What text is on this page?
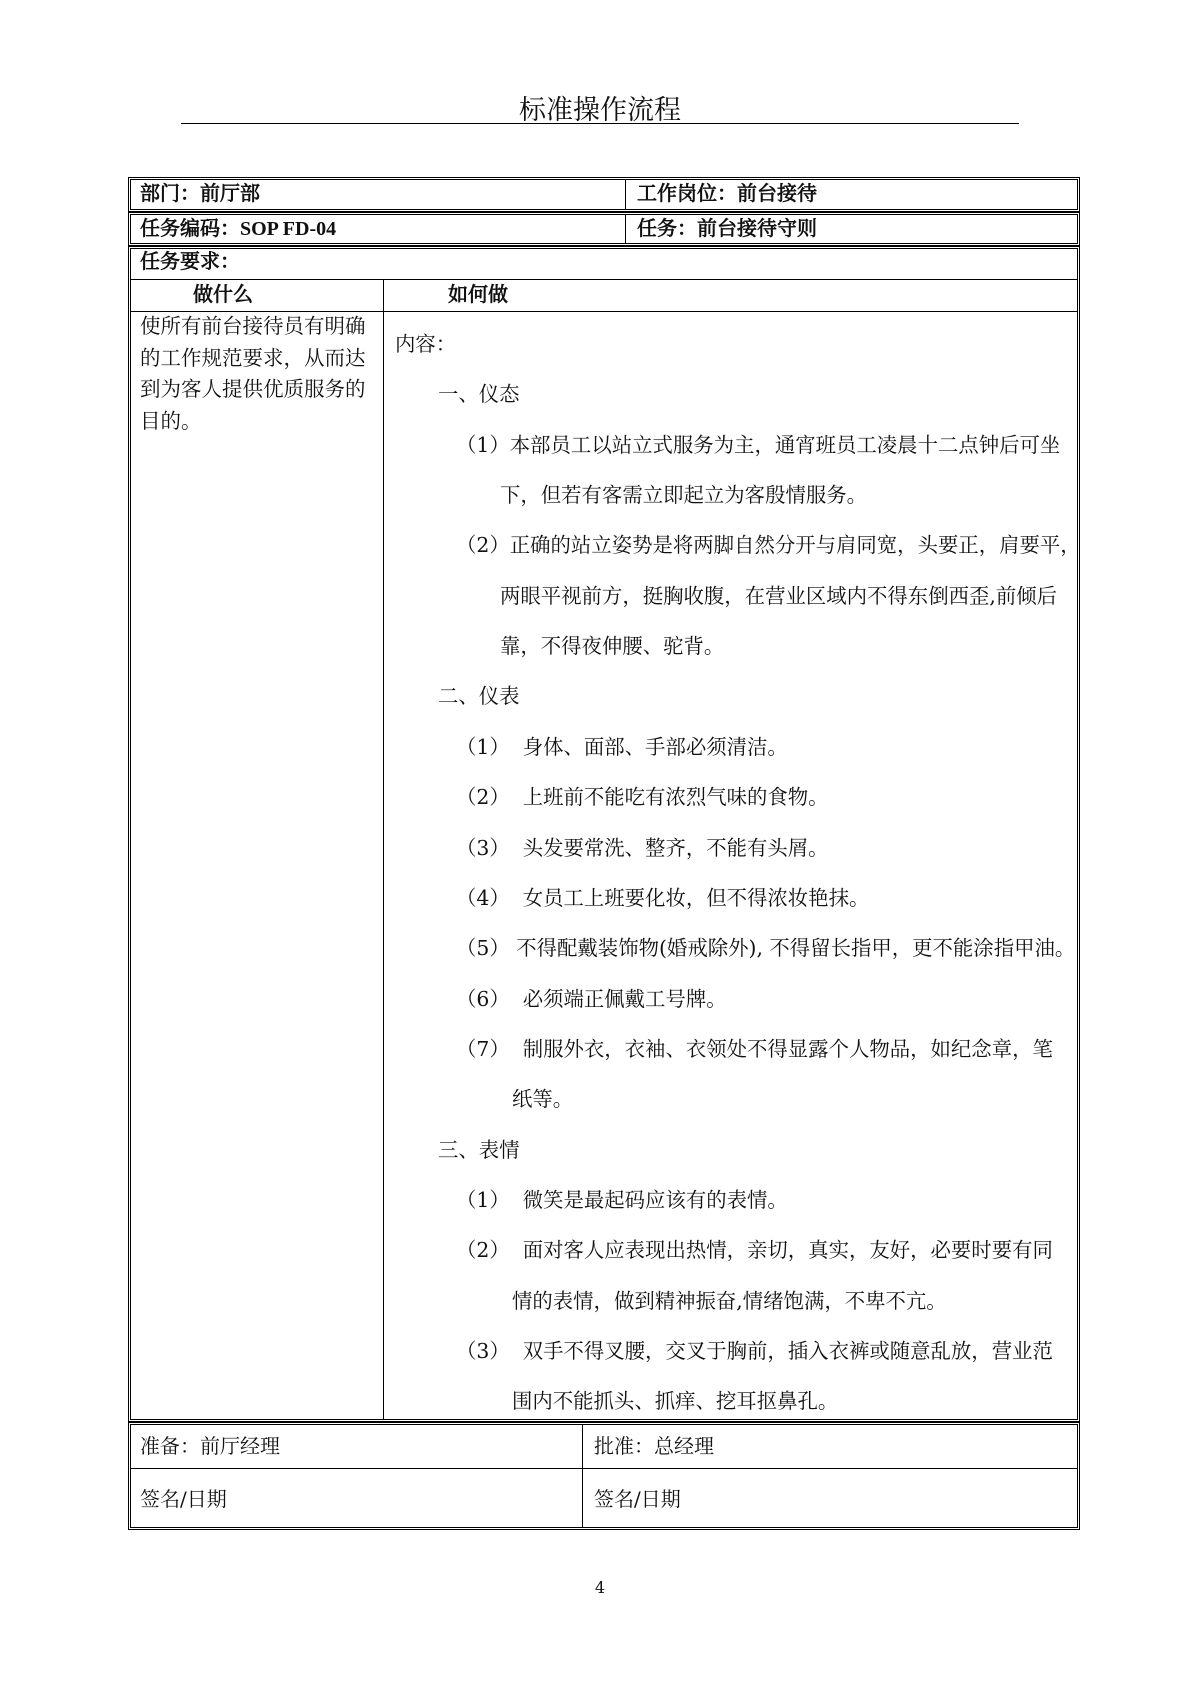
标准操作流程
部门：前厅部	工作岗位：前台接待
任务编码：SOP FD-04	任务：前台接待守则
任务要求：
做什么	如何做
使所有前台接待员有明确
的工作规范要求，从而达
到为客人提供优质服务的
目的。
内容：
一、仪态
（1）本部员工以站立式服务为主，通宵班员工凌晨十二点钟后可坐
下，但若有客需立即起立为客殷情服务。
（2）正确的站立姿势是将两脚自然分开与肩同宽，头要正，肩要平，
两眼平视前方，挺胸收腹，在营业区域内不得东倒西歪,前倾后
靠，不得夜伸腰、驼背。
二、仪表
（1）  身体、面部、手部必须清洁。
（2）  上班前不能吃有浓烈气味的食物。
（3）  头发要常洗、整齐，不能有头屑。
（4）  女员工上班要化妆，但不得浓妆艳抹。
（5） 不得配戴装饰物(婚戒除外), 不得留长指甲，更不能涂指甲油。
（6）  必须端正佩戴工号牌。
（7）  制服外衣，衣袖、衣领处不得显露个人物品，如纪念章，笔
纸等。
三、表情
（1）  微笑是最起码应该有的表情。
（2）  面对客人应表现出热情，亲切，真实，友好，必要时要有同
情的表情，做到精神振奋,情绪饱满，不卑不亢。
（3）  双手不得叉腰，交叉于胸前，插入衣裤或随意乱放，营业范
围内不能抓头、抓痒、挖耳抠鼻孔。
准备：前厅经理	批准：总经理
签名/日期	签名/日期
4
